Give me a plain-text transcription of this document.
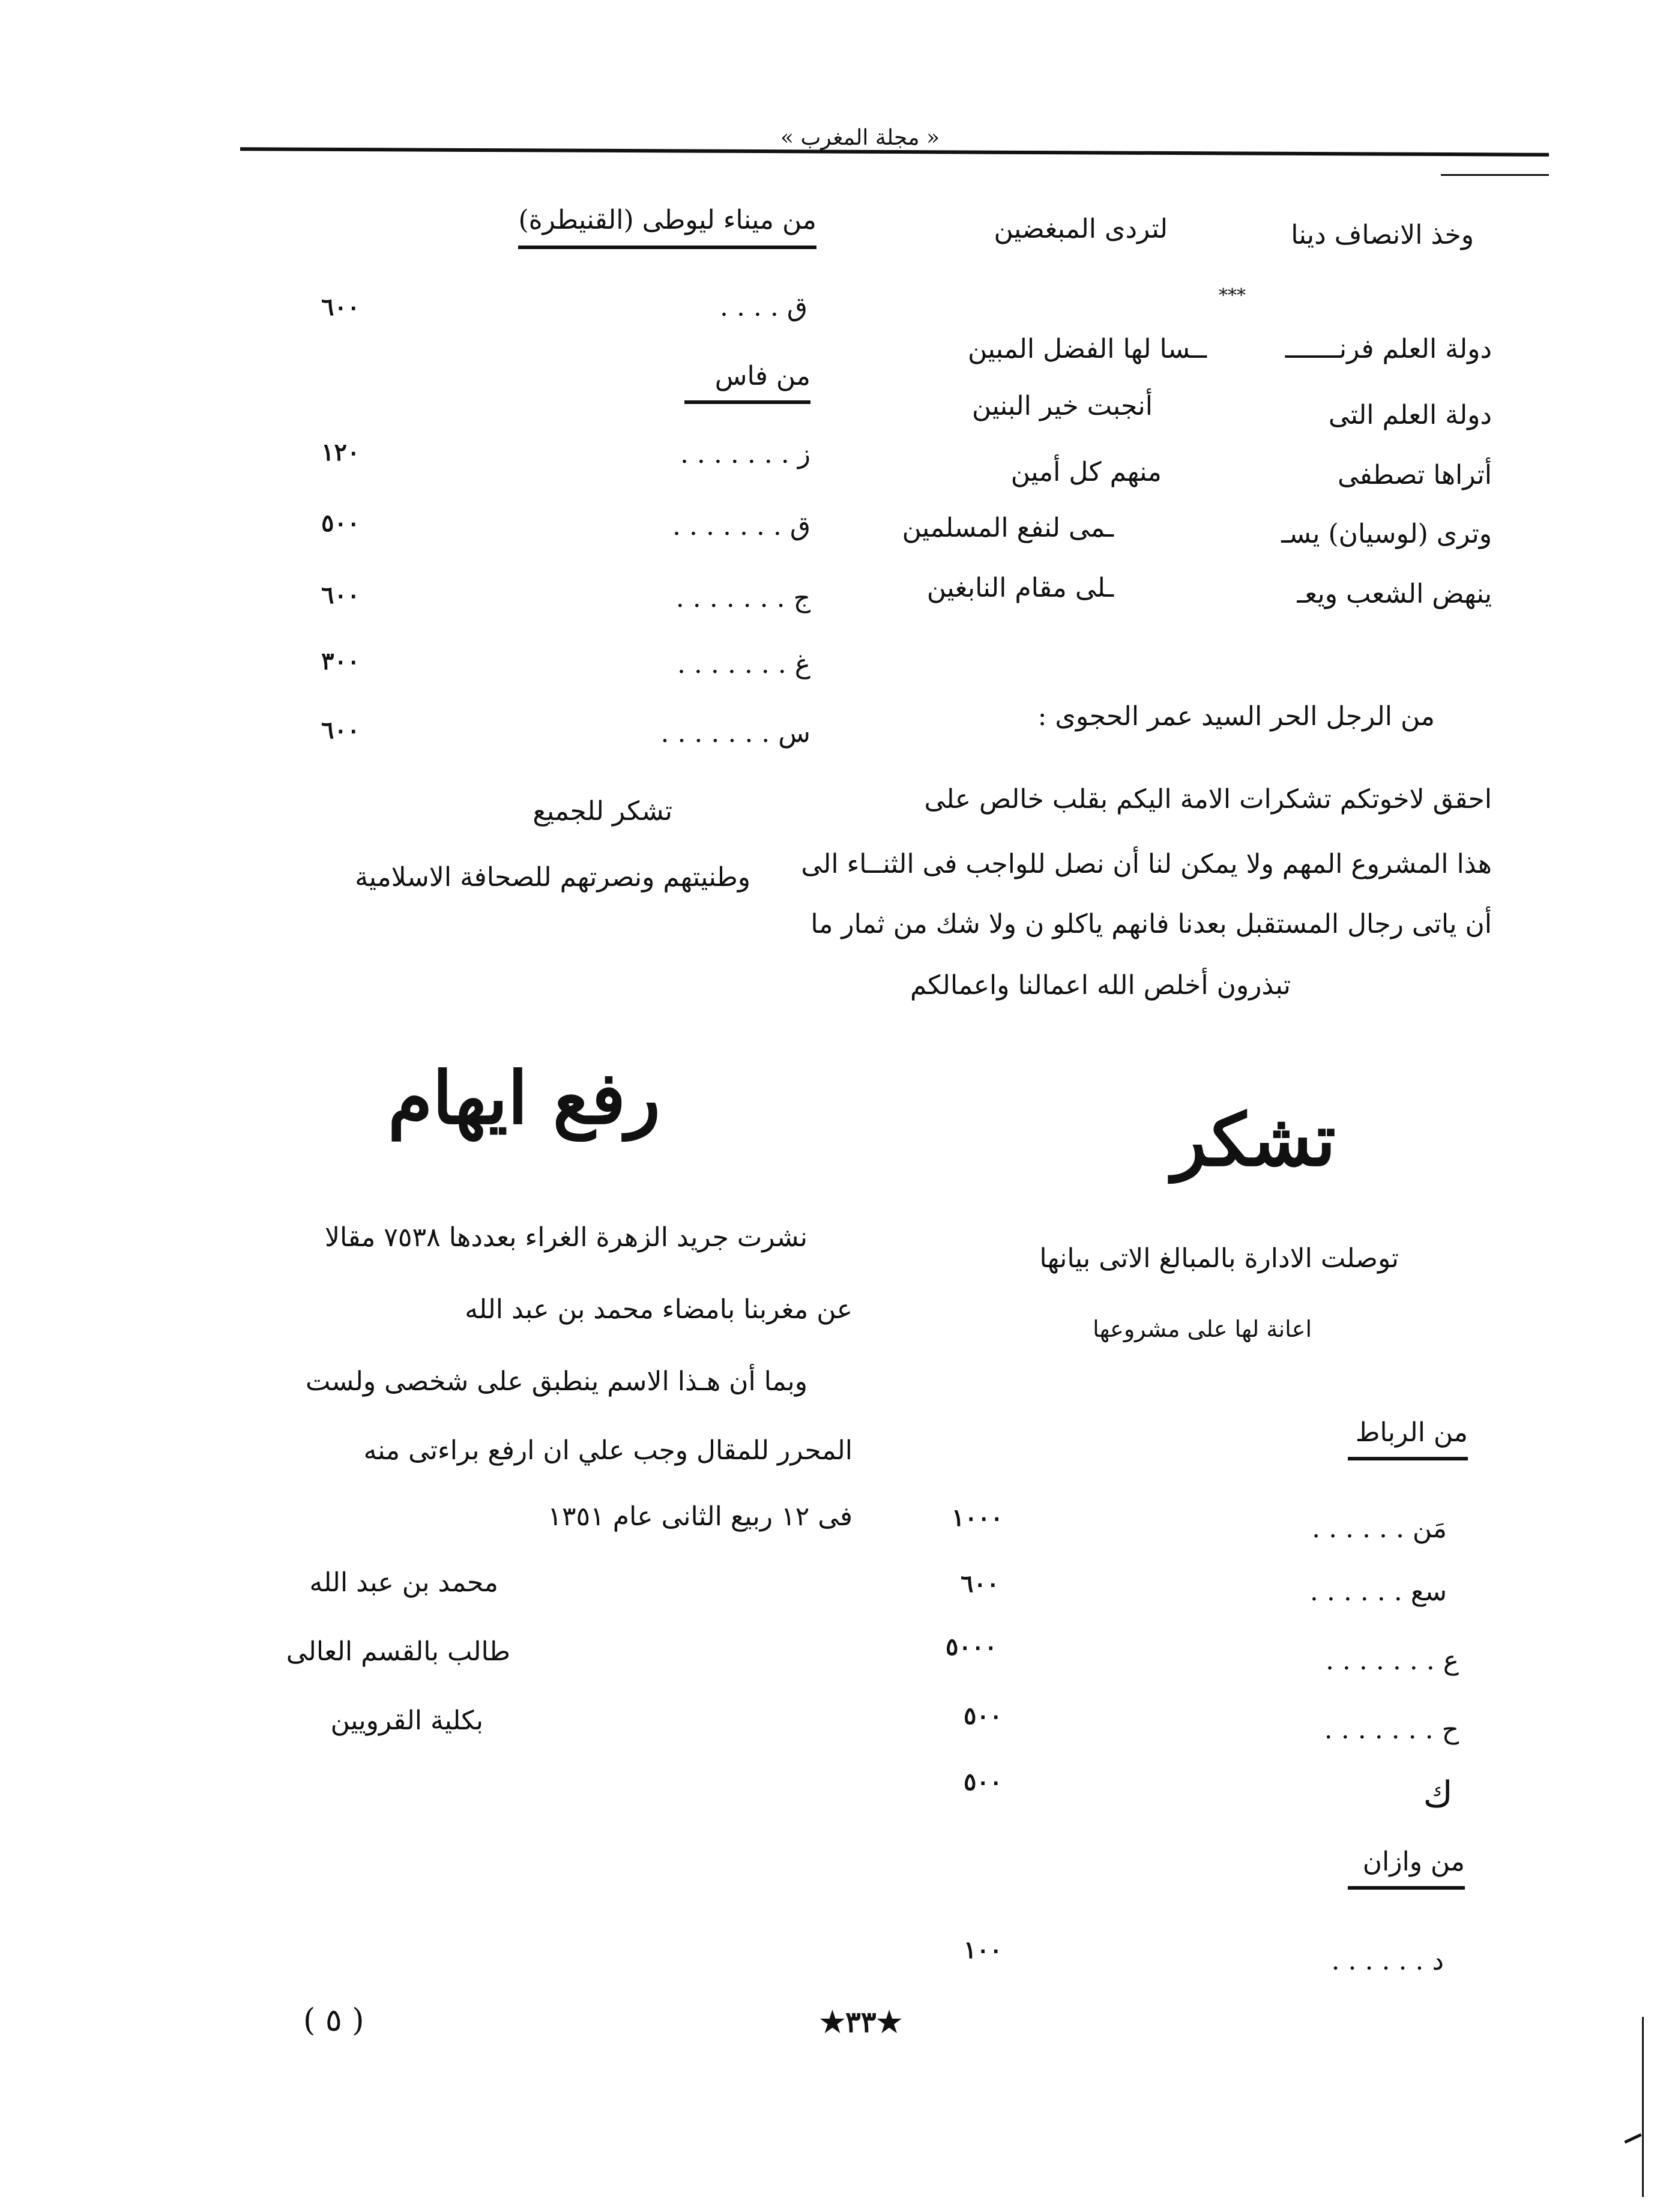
« مجلة المغرب »
وخذ الانصاف دينا
لتردى المبغضين
***
دولة العلم فرنـــــــ
ــسا لها الفضل المبين
دولة العلم التى
أنجبت خير البنين
أتراها تصطفى
منهم كل أمين
وترى (لوسيان) يسـ
ـمى لنفع المسلمين
ينهض الشعب ويعـ
ـلى مقام النابغين
من الرجل الحر السيد عمر الحجوى :
احقق لاخوتكم تشكرات الامة اليكم بقلب خالص على
هذا المشروع المهم ولا يمكن لنا أن نصل للواجب فى الثنــاء الى
أن ياتى رجال المستقبل بعدنا فانهم ياكلو ن ولا شك من ثمار ما
تبذرون أخلص الله اعمالنا واعمالكم
من ميناء ليوطى (القنيطرة)
ق . . . .
٦٠٠
من فاس
ز . . . . . . .
١٢٠
ق . . . . . . .
٥٠٠
ج . . . . . . .
٦٠٠
غ . . . . . . .
٣٠٠
س . . . . . . .
٦٠٠
تشكر للجميع
وطنيتهم ونصرتهم للصحافة الاسلامية
تشكر
توصلت الادارة بالمبالغ الاتى بيانها
اعانة لها على مشروعها
من الرباط
مَن . . . . . .
١٠٠٠
سع . . . . . .
٦٠٠
ع . . . . . . .
٥٠٠٠
ح . . . . . . .
٥٠٠
ك
٥٠٠
من وازان
د . . . . . .
١٠٠
رفع ايهام
نشرت جريد الزهرة الغراء بعددها ٧٥٣٨ مقالا
عن مغربنا بامضاء محمد بن عبد الله
وبما أن هـذا الاسم ينطبق على شخصى ولست
المحرر للمقال وجب علي ان ارفع براءتى منه
فى ١٢ ربيع الثانى عام ١٣٥١
محمد بن عبد الله
طالب بالقسم العالى
بكلية القرويين
( ٥ )	★٣٣★
